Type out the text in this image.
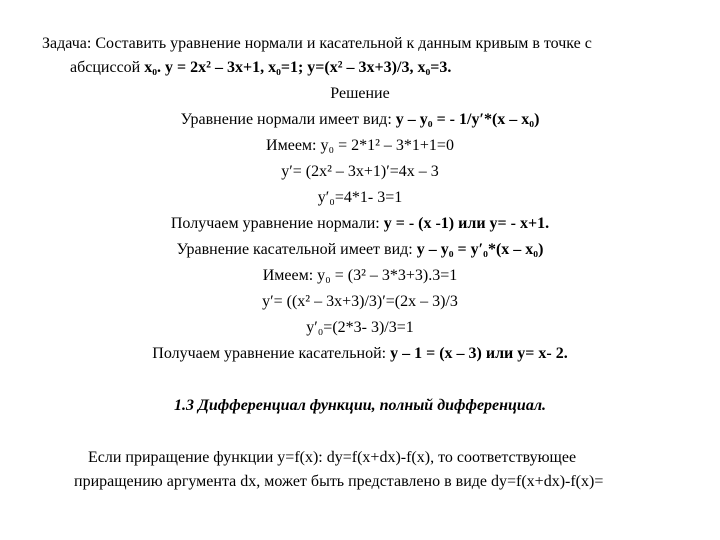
Задача: Составить уравнение нормали и касательной к данным кривым в точке с
абсциссой x₀. y = 2x² – 3x+1, x₀=1; y=(x² – 3x+3)/3, x₀=3.
Решение
Уравнение нормали имеет вид: y – y₀ = - 1/y′*(x – x₀)
Имеем: y₀ = 2*1² – 3*1+1=0
y′= (2x² – 3x+1)′=4x – 3
y′₀=4*1- 3=1
Получаем уравнение нормали: y = - (x -1) или y= - x+1.
Уравнение касательной имеет вид: y – y₀ = y′₀*(x – x₀)
Имеем: y₀ = (3² – 3*3+3).3=1
y′= ((x² – 3x+3)/3)′=(2x – 3)/3
y′₀=(2*3- 3)/3=1
Получаем уравнение касательной: y – 1 = (x – 3) или y= x- 2.
1.3 Дифференциал функции, полный дифференциал.
Если приращение функции y=f(x): dy=f(x+dx)-f(x), то соответствующее
приращению аргумента dx, может быть представлено в виде dy=f(x+dx)-f(x)=
